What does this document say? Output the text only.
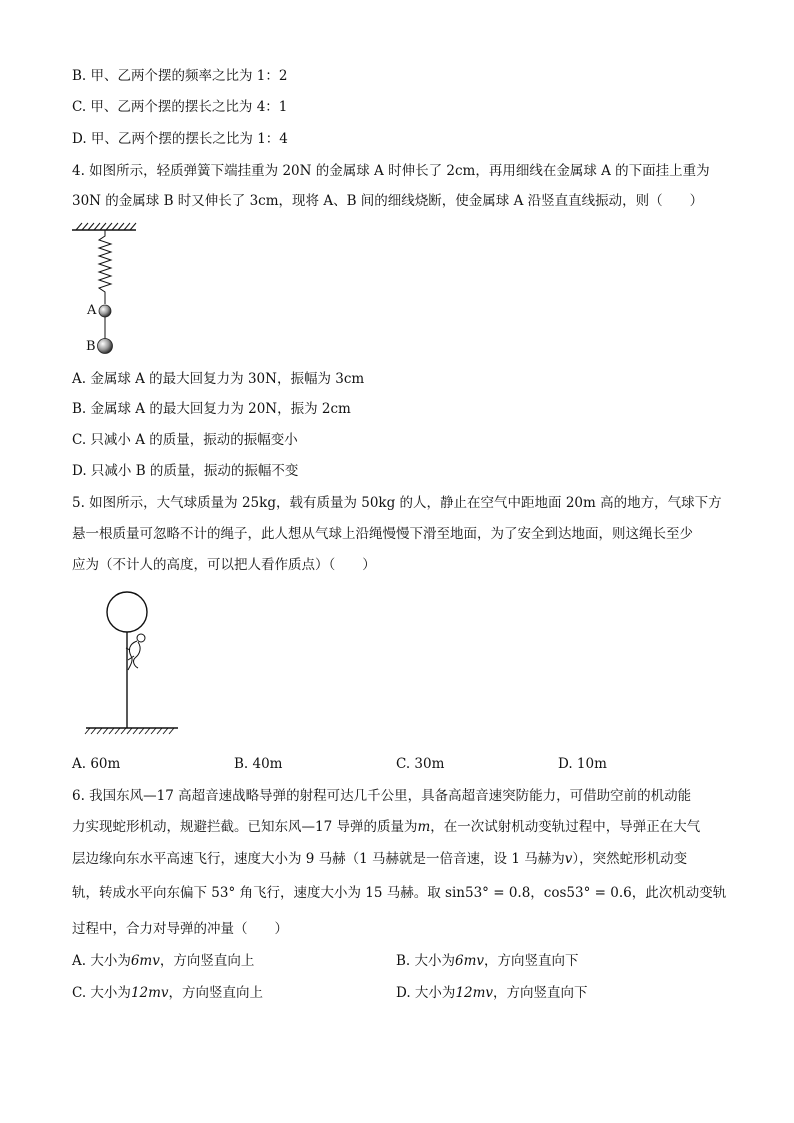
B. 甲、乙两个摆的频率之比为 1：2
C. 甲、乙两个摆的摆长之比为 4：1
D. 甲、乙两个摆的摆长之比为 1：4
4. 如图所示，轻质弹簧下端挂重为 20N 的金属球 A 时伸长了 2cm，再用细线在金属球 A 的下面挂上重为
30N 的金属球 B 时又伸长了 3cm，现将 A、B 间的细线烧断，使金属球 A 沿竖直直线振动，则（　　）
A
B
A. 金属球 A 的最大回复力为 30N，振幅为 3cm
B. 金属球 A 的最大回复力为 20N，振为 2cm
C. 只减小 A 的质量，振动的振幅变小
D. 只减小 B 的质量，振动的振幅不变
5. 如图所示，大气球质量为 25kg，载有质量为 50kg 的人，静止在空气中距地面 20m 高的地方，气球下方
悬一根质量可忽略不计的绳子，此人想从气球上沿绳慢慢下滑至地面，为了安全到达地面，则这绳长至少
应为（不计人的高度，可以把人看作质点）（　　）
A. 60m	B. 40m	C. 30m	D. 10m
6. 我国东风—17 高超音速战略导弹的射程可达几千公里，具备高超音速突防能力，可借助空前的机动能
力实现蛇形机动，规避拦截。已知东风—17 导弹的质量为m，在一次试射机动变轨过程中，导弹正在大气
层边缘向东水平高速飞行，速度大小为 9 马赫（1 马赫就是一倍音速，设 1 马赫为v），突然蛇形机动变
轨，转成水平向东偏下 53° 角飞行，速度大小为 15 马赫。取 sin53° = 0.8，cos53° = 0.6，此次机动变轨
过程中，合力对导弹的冲量（　　）
A. 大小为6mv，方向竖直向上	B. 大小为6mv，方向竖直向下
C. 大小为12mv，方向竖直向上	D. 大小为12mv，方向竖直向下
